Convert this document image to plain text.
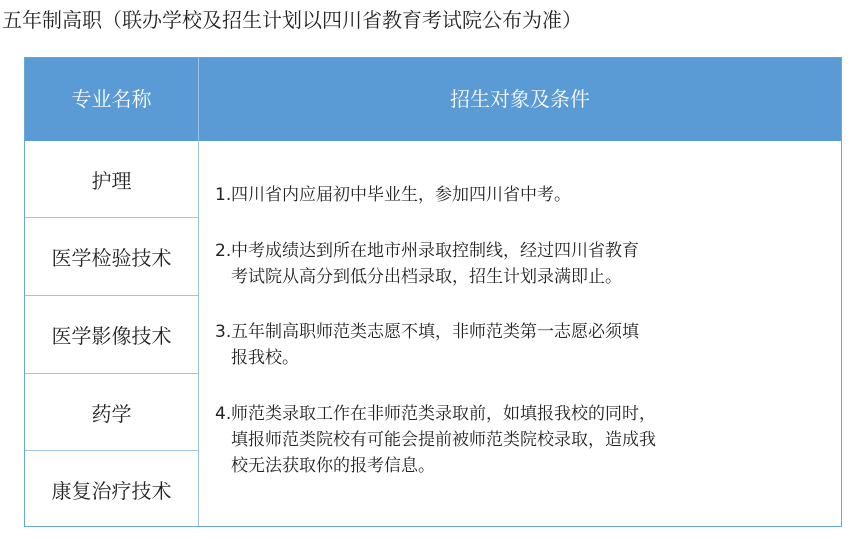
五年制高职（联办学校及招生计划以四川省教育考试院公布为准）
专业名称	招生对象及条件
护理
医学检验技术
医学影像技术
药学
康复治疗技术
1.四川省内应届初中毕业生，参加四川省中考。
2.中考成绩达到所在地市州录取控制线，经过四川省教育
考试院从高分到低分出档录取，招生计划录满即止。
3.五年制高职师范类志愿不填，非师范类第一志愿必须填
报我校。
4.师范类录取工作在非师范类录取前，如填报我校的同时，
填报师范类院校有可能会提前被师范类院校录取，造成我
校无法获取你的报考信息。
